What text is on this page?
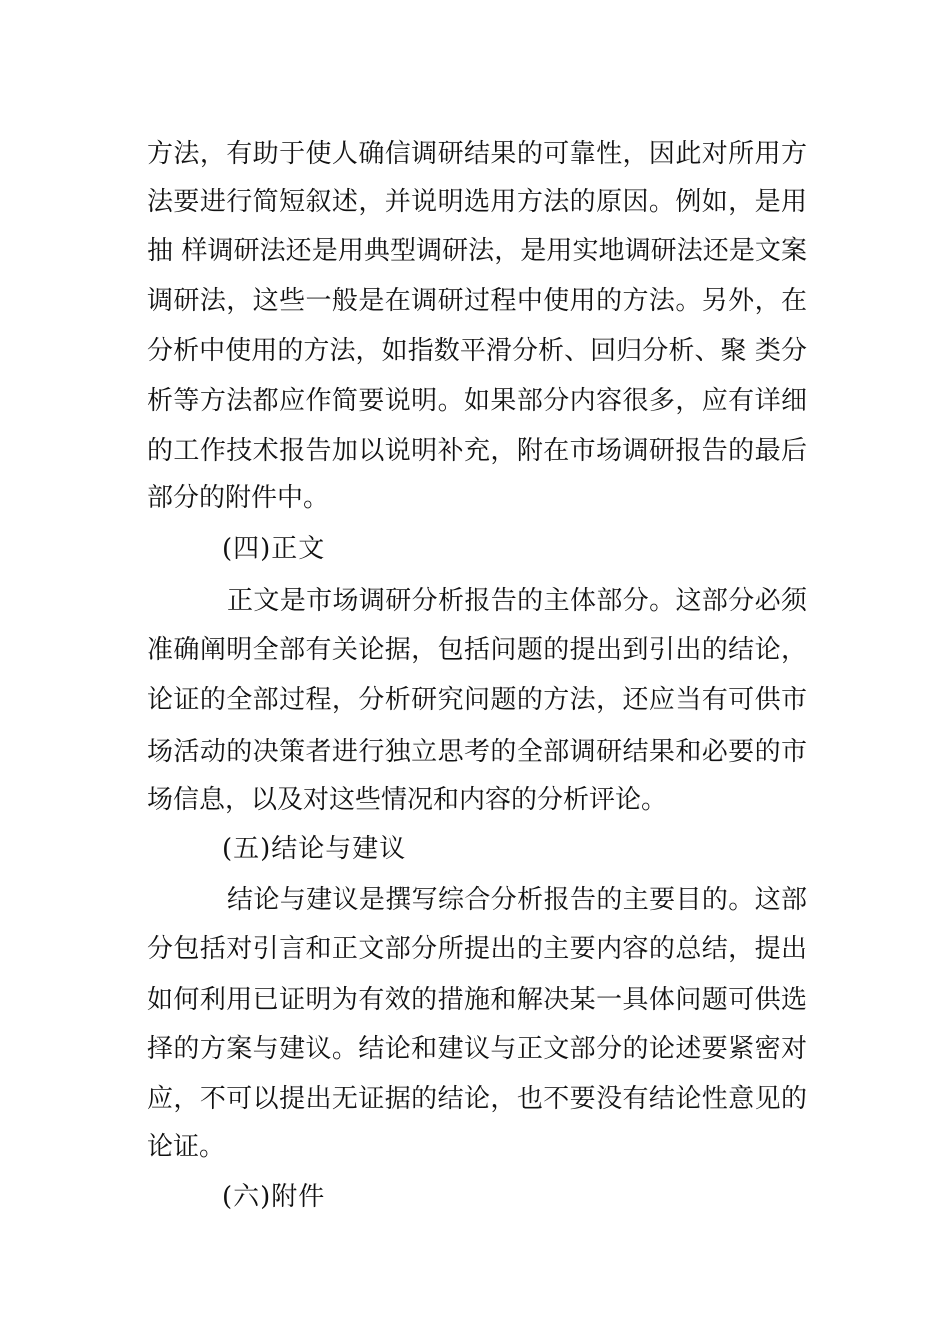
方法，有助于使人确信调研结果的可靠性，因此对所用方
法要进行简短叙述，并说明选用方法的原因。例如，是用
抽 样调研法还是用典型调研法，是用实地调研法还是文案
调研法，这些一般是在调研过程中使用的方法。另外，在
分析中使用的方法，如指数平滑分析、回归分析、聚 类分
析等方法都应作简要说明。如果部分内容很多，应有详细
的工作技术报告加以说明补充，附在市场调研报告的最后
部分的附件中。
(四)正文
正文是市场调研分析报告的主体部分。这部分必须
准确阐明全部有关论据，包括问题的提出到引出的结论，
论证的全部过程，分析研究问题的方法，还应当有可供市
场活动的决策者进行独立思考的全部调研结果和必要的市
场信息，以及对这些情况和内容的分析评论。
(五)结论与建议
结论与建议是撰写综合分析报告的主要目的。这部
分包括对引言和正文部分所提出的主要内容的总结，提出
如何利用已证明为有效的措施和解决某一具体问题可供选
择的方案与建议。结论和建议与正文部分的论述要紧密对
应，不可以提出无证据的结论，也不要没有结论性意见的
论证。
(六)附件
